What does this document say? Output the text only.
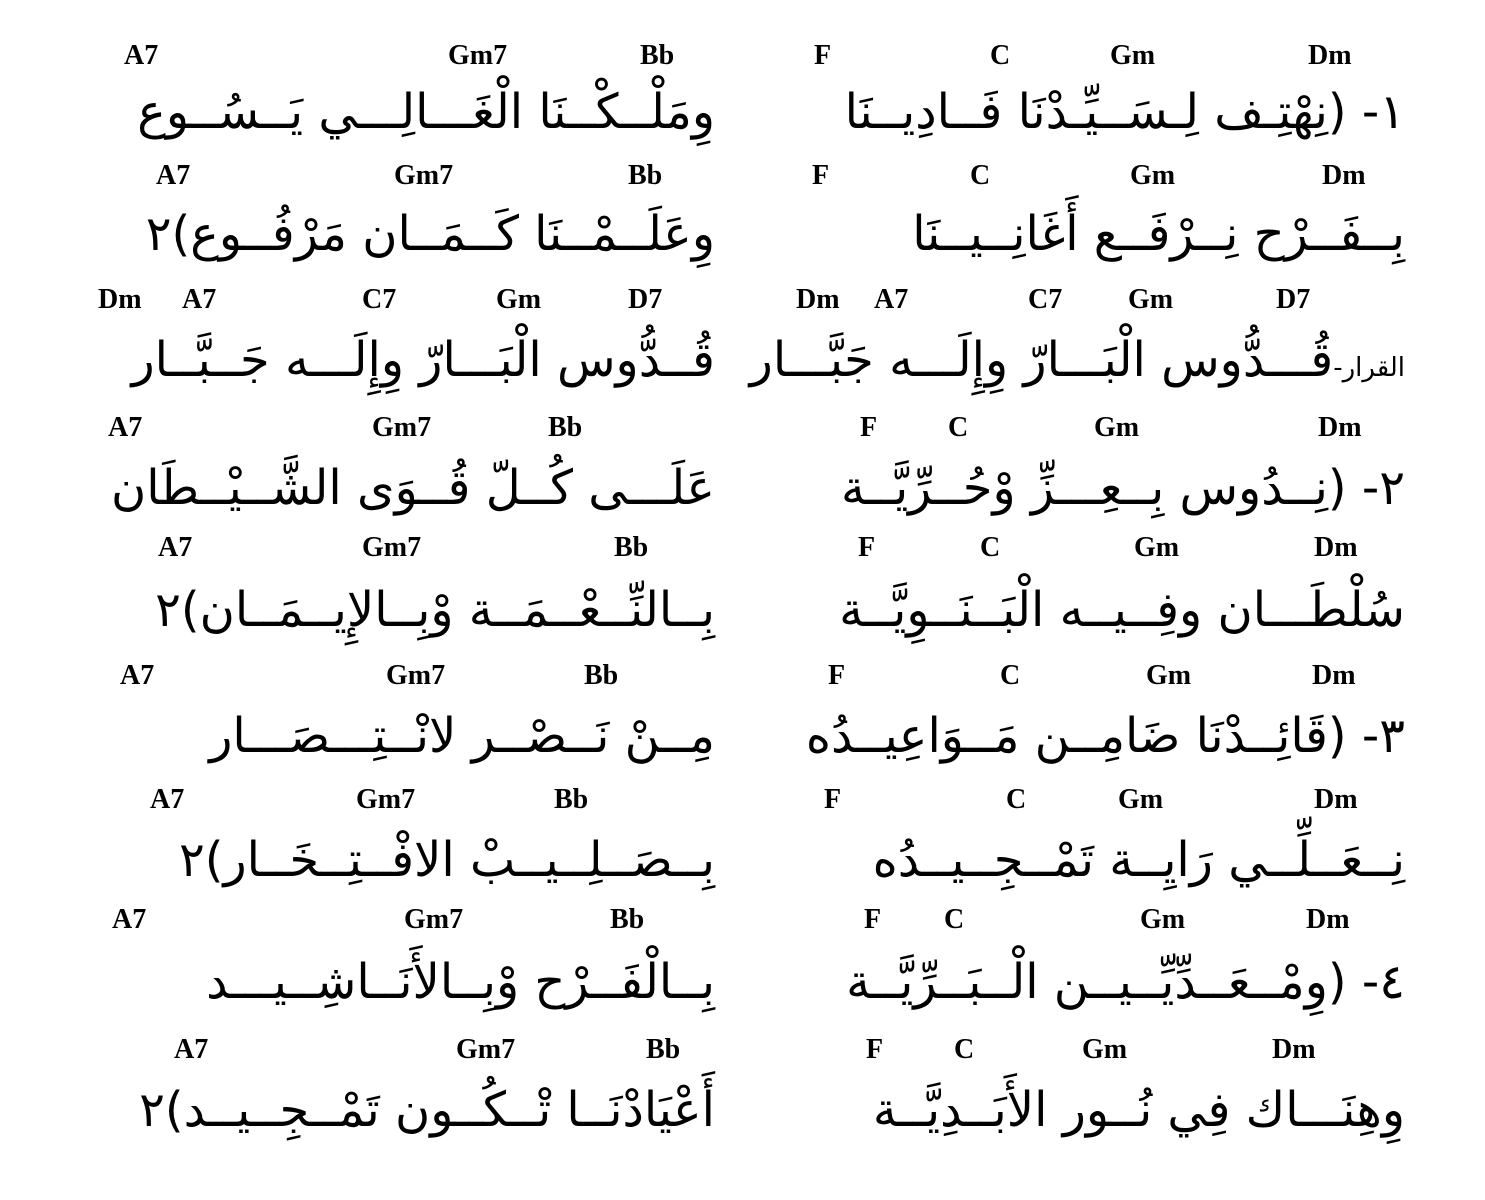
A7	Gm7	Bb	F	C	Gm	Dm
وِمَلْــكْــنَا الْغَـــالِـــي يَــسُــوع	١- (نِهْتِـف لِـسَــيِّـدْنَا فَــادِيــنَا
A7	Gm7	Bb	F	C	Gm	Dm
وِعَلَــمْــنَا كَــمَــان مَرْفُــوع)٢	بِــفَــرْح نِــرْفَــع أَغَانِــيــنَا
Dm A7	C7	Gm	D7	Dm A7	C7 Gm	D7
قُــدُّوس الْبَـــارّ وِإِلَـــه جَــبَّــار	القرار-قُـــدُّوس الْبَـــارّ وِإِلَـــه جَبَّـــار
A7	Gm7	Bb	F	C	Gm	Dm
عَلَـــى كُــلّ قُــوَى الشَّــيْــطَان	٢- (نِــدُوس بِــعِـــزِّ وْحُــرِّيَّــة
A7	Gm7	Bb	F	C	Gm	Dm
بِــالنِّــعْــمَــة وْبِــالإِيــمَــان)٢	سُلْطَـــان وفِــيــه الْبَــنَــوِيَّــة
A7	Gm7	Bb	F	C	Gm	Dm
مِــنْ نَــصْــر لانْــتِـــصَـــار	٣- (قَائِــدْنَا ضَامِــن مَــوَاعِيــدُه
A7	Gm7	Bb	F	C	Gm	Dm
بِــصَــلِــيــبْ الافْــتِــخَــار)٢	نِــعَــلِّــي رَايِــة تَمْــجِــيــدُه
A7	Gm7	Bb	F C	Gm	Dm
بِــالْفَــرْح وْبِــالأَنَــاشِــيـــد	٤- (وِمْــعَــدِّيِّــيــن الْــبَــرِّيَّــة
A7	Gm7	Bb	F	C	Gm	Dm
أَعْيَادْنَــا تْــكُــون تَمْــجِــيــد)٢	وِهِنَـــاك فِي نُــور الأَبَــدِيَّــة
